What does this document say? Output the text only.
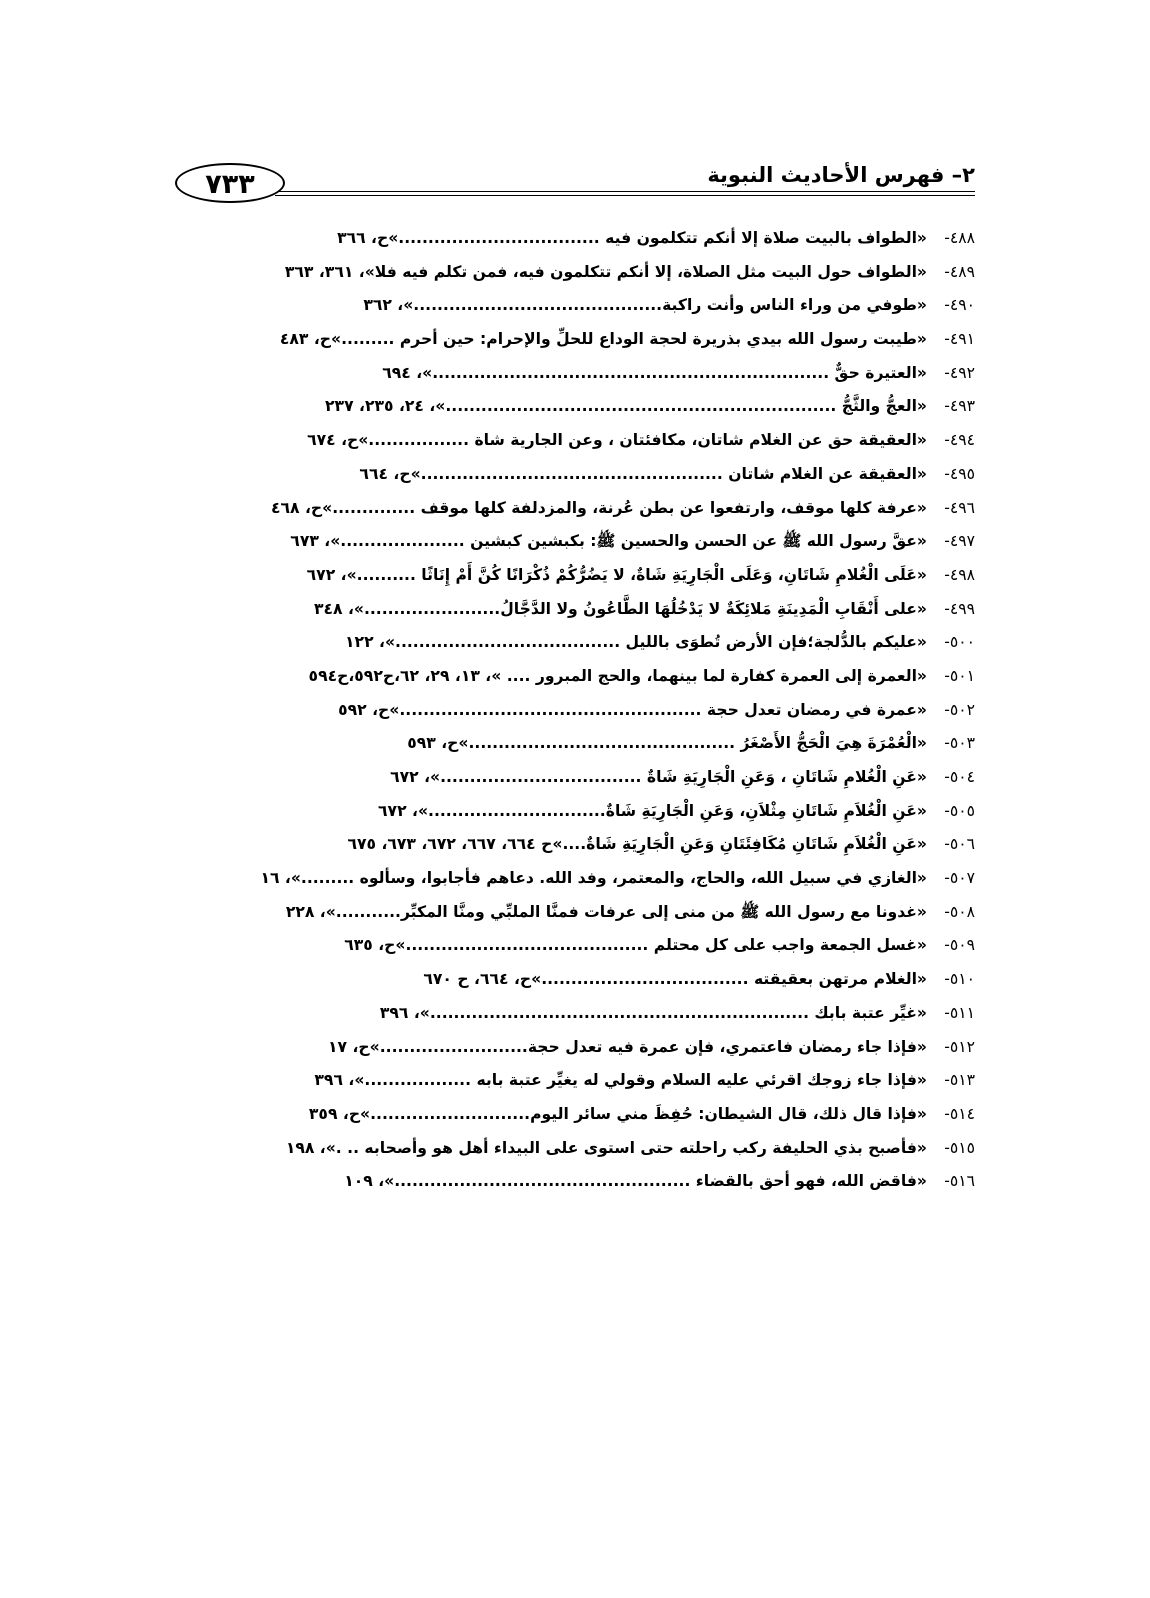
٢– فهرس الأحاديث النبوية
٧٣٣
٤٨٨-«الطواف بالبيت صلاة إلا أنكم تتكلمون فيه ..................................»ح، ٣٦٦
٤٨٩-«الطواف حول البيت مثل الصلاة، إلا أنكم تتكلمون فيه، فمن تكلم فيه فلا»، ٣٦١، ٣٦٣
٤٩٠-«طوفي من وراء الناس وأنت راكبة..........................................»، ٣٦٢
٤٩١-«طيبت رسول الله بيدي بذريرة لحجة الوداع للحلِّ والإحرام: حين أحرم .........»ح، ٤٨٣
٤٩٢-«العتيرة حقٌّ ...................................................................»، ٦٩٤
٤٩٣-«العجُّ والثَّجُّ ..................................................................»، ٢٤، ٢٣٥، ٢٣٧
٤٩٤-«العقيقة حق عن الغلام شاتان، مكافئتان ، وعن الجارية شاة .................»ح، ٦٧٤
٤٩٥-«العقيقة عن الغلام شاتان ...................................................»ح، ٦٦٤
٤٩٦-«عرفة كلها موقف، وارتفعوا عن بطن عُرنة، والمزدلفة كلها موقف ..............»ح، ٤٦٨
٤٩٧-«عقَّ رسول الله ﷺ عن الحسن والحسين ﷺ: بكبشين كبشين .....................»، ٦٧٣
٤٩٨-«عَلَى الْغُلامِ شَاتَانِ، وَعَلَى الْجَارِيَةِ شَاةٌ، لا يَضُرُّكُمْ ذُكْرَانًا كُنَّ أَمْ إِنَاثًا ..........»، ٦٧٢
٤٩٩-«على أَنْقَابِ الْمَدِينَةِ مَلائِكَةٌ لا يَدْخُلُهَا الطَّاعُونُ ولا الدَّجَّالُ.......................»، ٣٤٨
٥٠٠-«عليكم بالدُّلجة؛فإن الأرض تُطوَى بالليل ......................................»، ١٢٢
٥٠١-«العمرة إلى العمرة كفارة لما بينهما، والحج المبرور .... »، ١٣، ٢٩، ٦٢،ح٥٩٢،ح٥٩٤
٥٠٢-«عمرة في رمضان تعدل حجة ...................................................»ح، ٥٩٢
٥٠٣-«الْعُمْرَةَ هِيَ الْحَجُّ الأَصْغَرُ .............................................»ح، ٥٩٣
٥٠٤-«عَنِ الْغُلامِ شَاتَانِ ، وَعَنِ الْجَارِيَةِ شَاةٌ ..................................»، ٦٧٢
٥٠٥-«عَنِ الْغُلاَمِ شَاتَانِ مِثْلاَنِ، وَعَنِ الْجَارِيَةِ شَاةٌ..............................»، ٦٧٢
٥٠٦-«عَنِ الْغُلاَمِ شَاتَانِ مُكَافِئَتَانِ وَعَنِ الْجَارِيَةِ شَاةٌ....»ح ٦٦٤، ٦٦٧، ٦٧٢، ٦٧٣، ٦٧٥
٥٠٧-«الغازي في سبيل الله، والحاج، والمعتمر، وفد الله. دعاهم فأجابوا، وسألوه .........»، ١٦
٥٠٨-«غدونا مع رسول الله ﷺ من منى إلى عرفات فمنَّا الملبِّي ومنَّا المكبِّر...........»، ٢٢٨
٥٠٩-«غسل الجمعة واجب على كل محتلم .........................................»ح، ٦٣٥
٥١٠-«الغلام مرتهن بعقيقته ...................................»ح، ٦٦٤، ح ٦٧٠
٥١١-«غيِّر عتبة بابك ................................................................»، ٣٩٦
٥١٢-«فإذا جاء رمضان فاعتمري، فإن عمرة فيه تعدل حجة.........................»ح، ١٧
٥١٣-«فإذا جاء زوجك اقرئي عليه السلام وقولي له يغيِّر عتبة بابه ..................»، ٣٩٦
٥١٤-«فإذا قال ذلك، قال الشيطان: حُفِظَ مني سائر اليوم...........................»ح، ٣٥٩
٥١٥-«فأصبح بذي الحليفة ركب راحلته حتى استوى على البيداء أهل هو وأصحابه .. .»، ١٩٨
٥١٦-«فاقض الله، فهو أحق بالقضاء ..................................................»، ١٠٩
